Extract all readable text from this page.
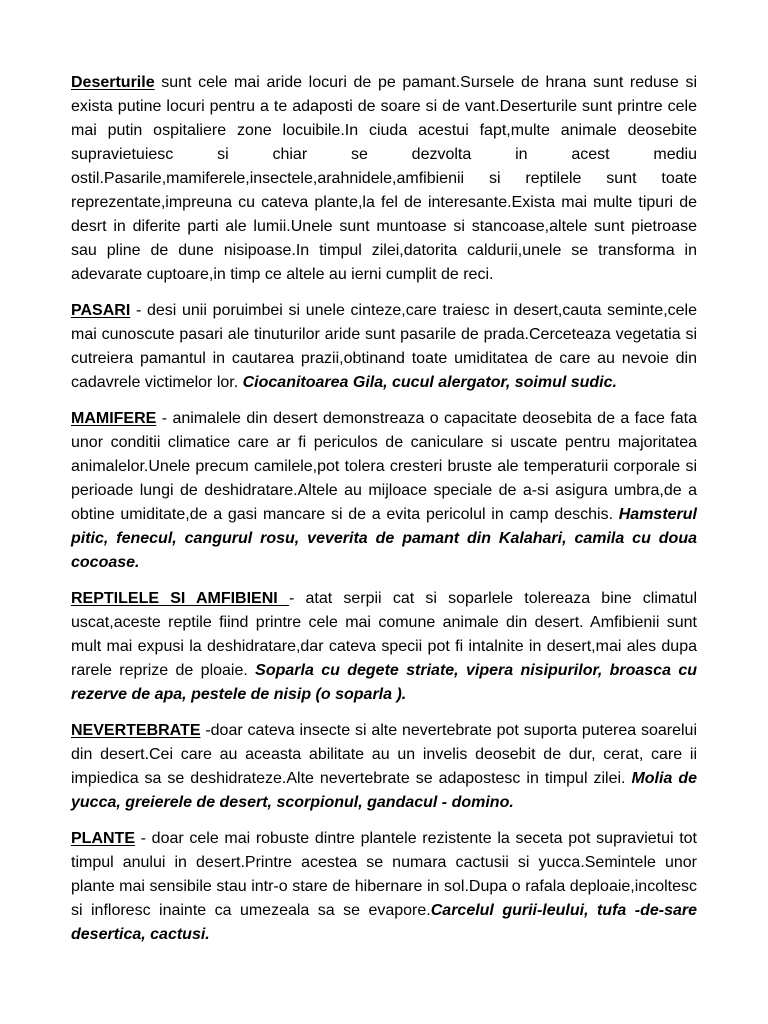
Deserturile sunt cele mai aride locuri de pe pamant.Sursele de hrana sunt reduse si exista putine locuri pentru a te adaposti de soare si de vant.Deserturile sunt printre cele mai putin ospitaliere zone locuibile.In ciuda acestui fapt,multe animale deosebite supravietuiesc si chiar se dezvolta in acest mediu ostil.Pasarile,mamiferele,insectele,arahnidele,amfibienii si reptilele sunt toate reprezentate,impreuna cu cateva plante,la fel de interesante.Exista mai multe tipuri de desrt in diferite parti ale lumii.Unele sunt muntoase si stancoase,altele sunt pietroase sau pline de dune nisipoase.In timpul zilei,datorita caldurii,unele se transforma in adevarate cuptoare,in timp ce altele au ierni cumplit de reci.

PASARI - desi unii poruimbei si unele cinteze,care traiesc in desert,cauta seminte,cele mai cunoscute pasari ale tinuturilor aride sunt pasarile de prada.Cerceteaza vegetatia si cutreiera pamantul in cautarea prazii,obtinand toate umiditatea de care au nevoie din cadavrele victimelor lor. Ciocanitoarea Gila, cucul alergator, soimul sudic.

MAMIFERE - animalele din desert demonstreaza o capacitate deosebita de a face fata unor conditii climatice care ar fi periculos de caniculare si uscate pentru majoritatea animalelor.Unele precum camilele,pot tolera cresteri bruste ale temperaturii corporale si perioade lungi de deshidratare.Altele au mijloace speciale de a-si asigura umbra,de a obtine umiditate,de a gasi mancare si de a evita pericolul in camp deschis. Hamsterul pitic, fenecul, cangurul rosu, veverita de pamant din Kalahari, camila cu doua cocoase.

REPTILELE SI AMFIBIENI - atat serpii cat si soparlele tolereaza bine climatul uscat,aceste reptile fiind printre cele mai comune animale din desert. Amfibienii sunt mult mai expusi la deshidratare,dar cateva specii pot fi intalnite in desert,mai ales dupa rarele reprize de ploaie. Soparla cu degete striate, vipera nisipurilor, broasca cu rezerve de apa, pestele de nisip (o soparla ).

NEVERTEBRATE -doar cateva insecte si alte nevertebrate pot suporta puterea soarelui din desert.Cei care au aceasta abilitate au un invelis deosebit de dur, cerat, care ii impiedica sa se deshidrateze.Alte nevertebrate se adapostesc in timpul zilei. Molia de yucca, greierele de desert, scorpionul, gandacul - domino.

PLANTE - doar cele mai robuste dintre plantele rezistente la seceta pot supravietui tot timpul anului in desert.Printre acestea se numara cactusii si yucca.Semintele unor plante mai sensibile stau intr-o stare de hibernare in sol.Dupa o rafala deploaie,incoltesc si infloresc inainte ca umezeala sa se evapore.Carcelul gurii-leului, tufa -de-sare desertica, cactusi.
